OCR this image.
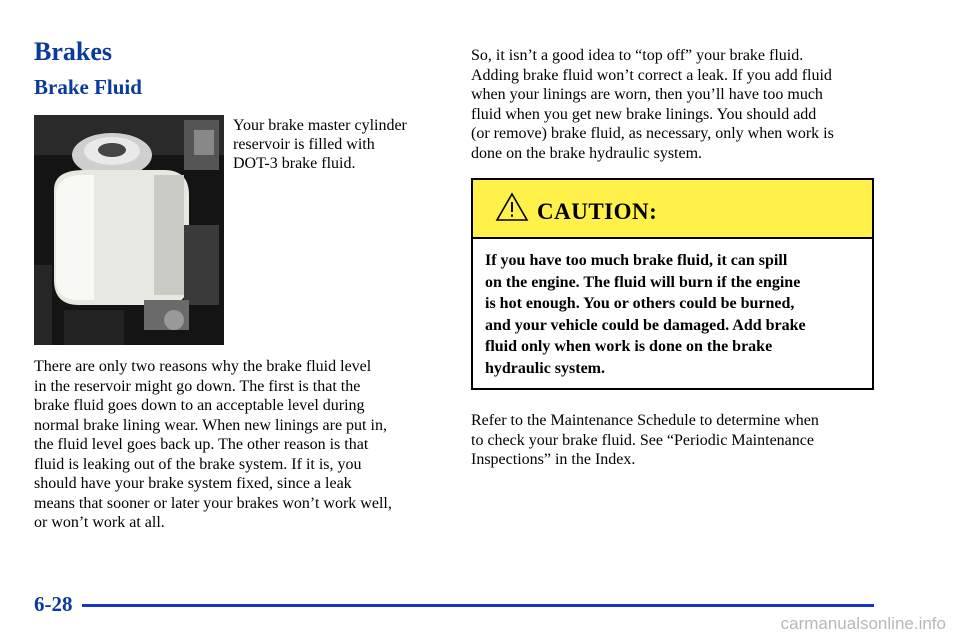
Brakes
Brake Fluid

Your brake master cylinder
reservoir is filled with
DOT-3 brake fluid.

There are only two reasons why the brake fluid level
in the reservoir might go down. The first is that the
brake fluid goes down to an acceptable level during
normal brake lining wear. When new linings are put in,
the fluid level goes back up. The other reason is that
fluid is leaking out of the brake system. If it is, you
should have your brake system fixed, since a leak
means that sooner or later your brakes won’t work well,
or won’t work at all.

So, it isn’t a good idea to “top off” your brake fluid.
Adding brake fluid won’t correct a leak. If you add fluid
when your linings are worn, then you’ll have too much
fluid when you get new brake linings. You should add
(or remove) brake fluid, as necessary, only when work is
done on the brake hydraulic system.

CAUTION:

If you have too much brake fluid, it can spill
on the engine. The fluid will burn if the engine
is hot enough. You or others could be burned,
and your vehicle could be damaged. Add brake
fluid only when work is done on the brake
hydraulic system.

Refer to the Maintenance Schedule to determine when
to check your brake fluid. See “Periodic Maintenance
Inspections” in the Index.

6-28
carmanualsonline.info
